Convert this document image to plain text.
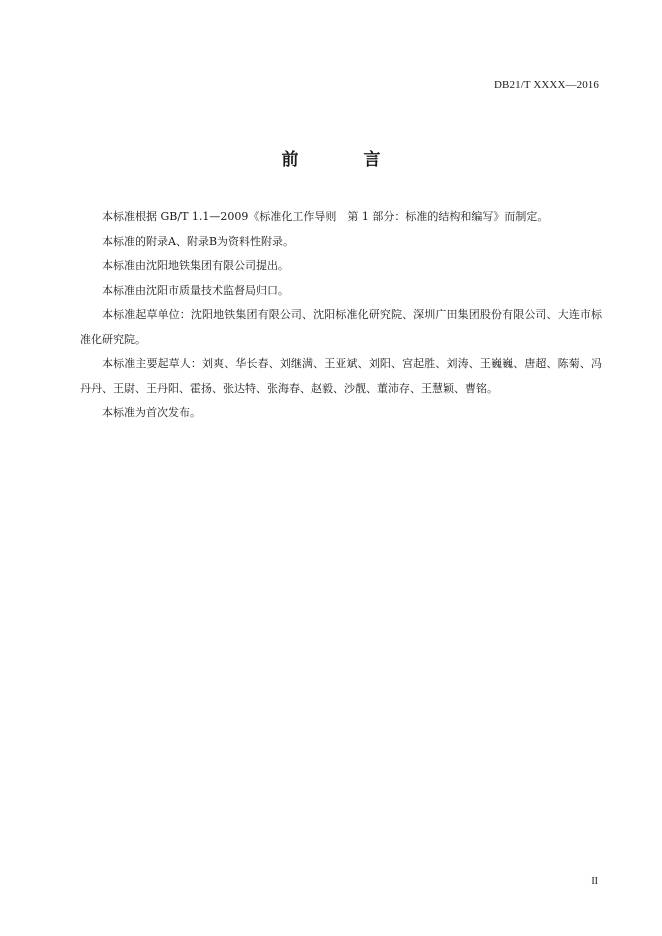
DB21/T XXXX—2016
前　言

本标准根据 GB/T 1.1—2009《标准化工作导则　第 1 部分：标准的结构和编写》而制定。

本标准的附录A、附录B为资料性附录。

本标准由沈阳地铁集团有限公司提出。

本标准由沈阳市质量技术监督局归口。

本标准起草单位：沈阳地铁集团有限公司、沈阳标准化研究院、深圳广田集团股份有限公司、大连市标准化研究院。

本标准主要起草人：刘爽、华长春、刘继满、王亚斌、刘阳、宫起胜、刘涛、王巍巍、唐超、陈菊、冯丹丹、王尉、王丹阳、霍扬、张达特、张海春、赵毅、沙靓、董沛存、王慧颖、曹铭。

本标准为首次发布。

II
